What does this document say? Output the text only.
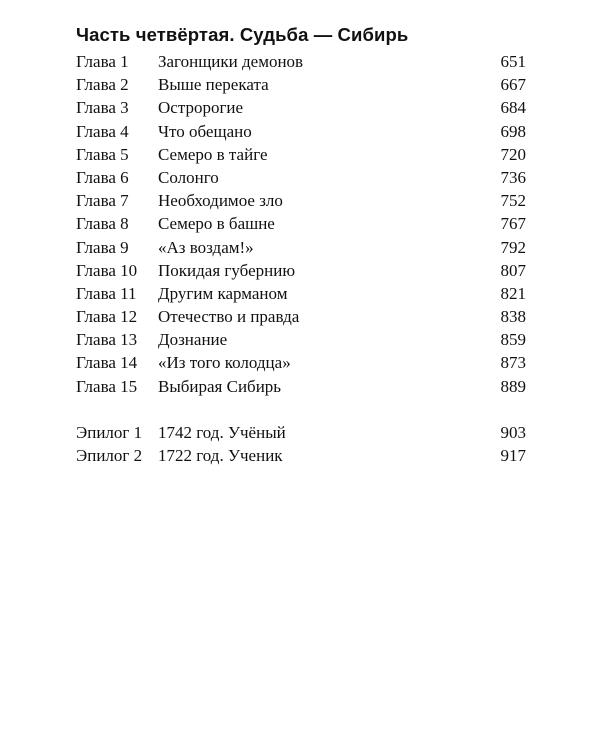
Часть четвёртая. Судьба — Сибирь
Глава 1 Загонщики демонов	651
Глава 2 Выше переката	667
Глава 3 Остророгие	684
Глава 4 Что обещано	698
Глава 5 Семеро в тайге	720
Глава 6 Солонго	736
Глава 7 Необходимое зло	752
Глава 8 Семеро в башне	767
Глава 9 «Аз воздам!»	792
Глава 10 Покидая губернию	807
Глава 11 Другим карманом	821
Глава 12 Отечество и правда	838
Глава 13 Дознание	859
Глава 14 «Из того колодца»	873
Глава 15 Выбирая Сибирь	889
Эпилог 1 1742 год. Учёный	903
Эпилог 2 1722 год. Ученик	917
